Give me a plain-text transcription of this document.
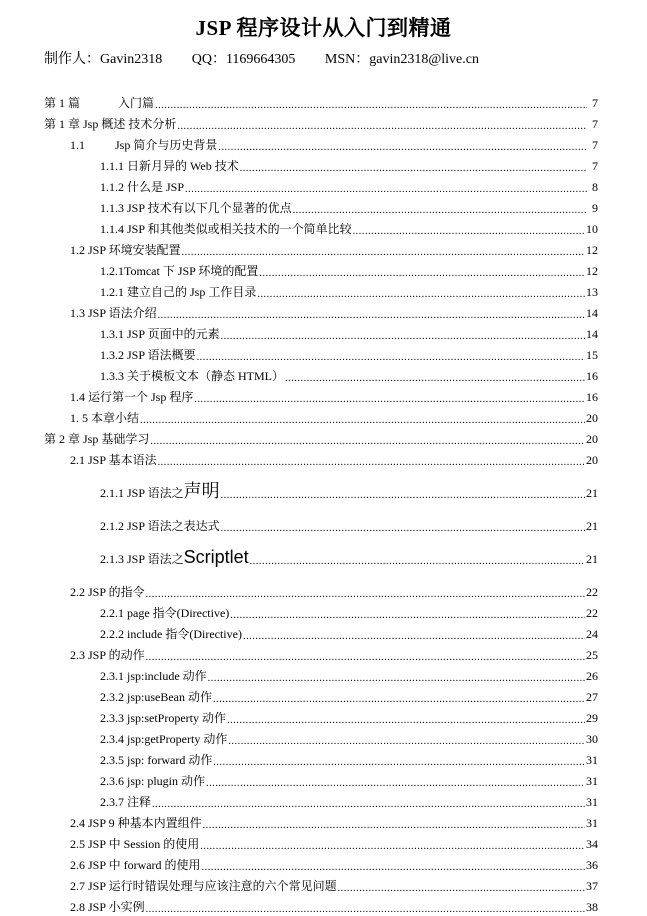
JSP 程序设计从入门到精通
制作人：Gavin2318 QQ：1169664305 MSN：gavin2318@live.cn
第 1 篇	入门篇 .....	7
第 1 章 Jsp 概述 技术分析 .....	7
1.1	Jsp 简介与历史背景 .....	7
1.1.1 日新月异的 Web 技术 .....	7
1.1.2 什么是 JSP .....	8
1.1.3 JSP 技术有以下几个显著的优点 .....	9
1.1.4 JSP 和其他类似或相关技术的一个简单比较 .....	10
1.2 JSP 环境安装配置 .....	12
1.2.1Tomcat 下 JSP 环境的配置 .....	12
1.2.1 建立自己的 Jsp 工作目录 .....	13
1.3 JSP 语法介绍 .....	14
1.3.1 JSP 页面中的元素 .....	14
1.3.2 JSP 语法概要 .....	15
1.3.3 关于模板文本（静态 HTML） .....	16
1.4 运行第一个 Jsp 程序 .....	16
1. 5 本章小结 .....	20
第 2 章 Jsp 基础学习 .....	20
2.1 JSP 基本语法 .....	20
2.1.1 JSP 语法之声明 .....	21
2.1.2 JSP 语法之表达式 .....	21
2.1.3 JSP 语法之Scriptlet .....	21
2.2 JSP 的指令 .....	22
2.2.1 page 指令(Directive) .....	22
2.2.2 include 指令(Directive) .....	24
2.3 JSP 的动作 .....	25
2.3.1 jsp:include 动作 .....	26
2.3.2 jsp:useBean 动作 .....	27
2.3.3 jsp:setProperty 动作 .....	29
2.3.4 jsp:getProperty 动作 .....	30
2.3.5 jsp: forward 动作 .....	31
2.3.6 jsp: plugin 动作 .....	31
2.3.7 注释 .....	31
2.4 JSP 9 种基本内置组件 .....	31
2.5 JSP 中 Session 的使用 .....	34
2.6 JSP 中 forward 的使用 .....	36
2.7 JSP 运行时错误处理与应该注意的六个常见问题 .....	37
2.8 JSP 小实例 .....	38
